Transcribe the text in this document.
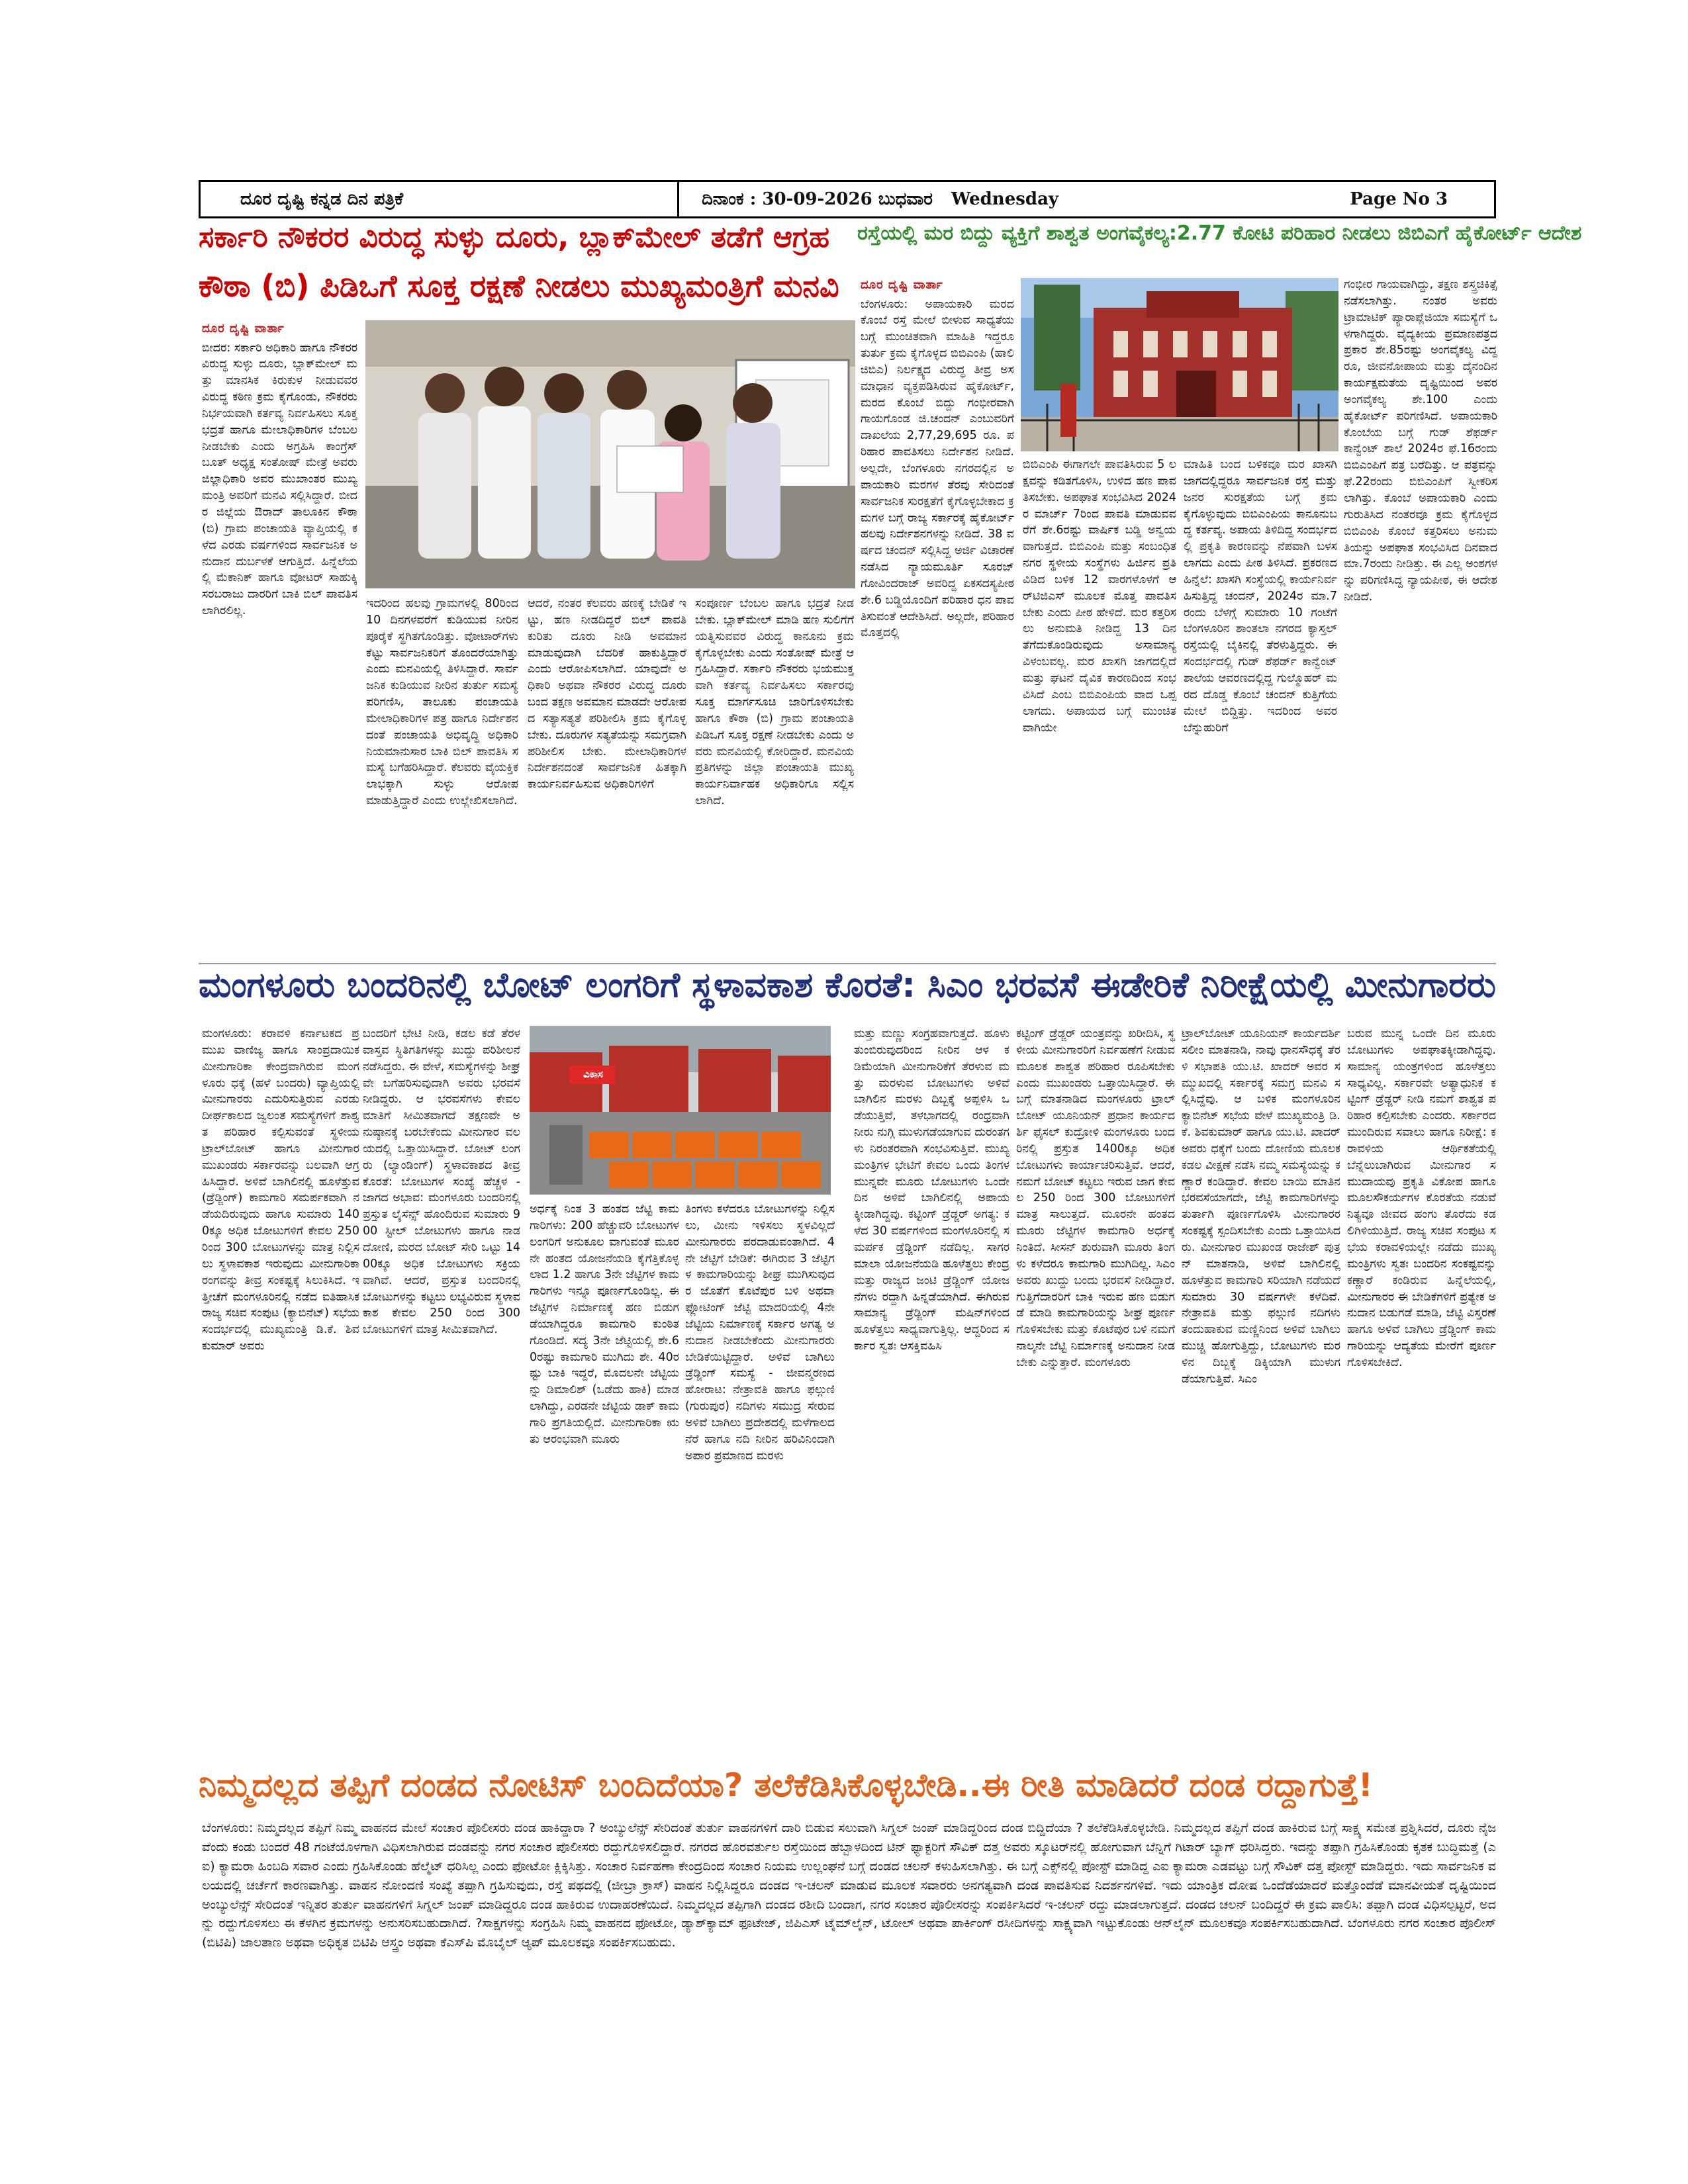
ದೂರ ದೃಷ್ಟಿ ಕನ್ನಡ ದಿನ ಪತ್ರಿಕೆ	ದಿನಾಂಕ : 30-09-2026 ಬುಧವಾರ Wednesday	Page No 3
ಸರ್ಕಾರಿ ನೌಕರರ ವಿರುದ್ಧ ಸುಳ್ಳು ದೂರು, ಬ್ಲಾಕ್‌ಮೇಲ್ ತಡೆಗೆ ಆಗ್ರಹ
ಕೌಠಾ (ಬಿ) ಪಿಡಿಒಗೆ ಸೂಕ್ತ ರಕ್ಷಣೆ ನೀಡಲು ಮುಖ್ಯಮಂತ್ರಿಗೆ ಮನವಿ
ದೂರ ದೃಷ್ಟಿ ವಾರ್ತಾ
ಬೀದರ: ಸರ್ಕಾರಿ ಅಧಿಕಾರಿ ಹಾಗೂ ನೌಕರರ ವಿರುದ್ಧ ಸುಳ್ಳು ದೂರು, ಬ್ಲಾಕ್‌ಮೇಲ್ ಮತ್ತು ಮಾನಸಿಕ ಕಿರುಕುಳ ನೀಡುವವರ ವಿರುದ್ಧ ಕಠಿಣ ಕ್ರಮ ಕೈಗೊಂಡು, ನೌಕರರು ನಿರ್ಭಯವಾಗಿ ಕರ್ತವ್ಯ ನಿರ್ವಹಿಸಲು ಸೂಕ್ತ ಭದ್ರತೆ ಹಾಗೂ ಮೇಲಾಧಿಕಾರಿಗಳ ಬೆಂಬಲ ನೀಡಬೇಕು ಎಂದು ಅಗ್ರಹಿಸಿ ಕಾಂಗ್ರೆಸ್ ಬೂತ್ ಅಧ್ಯಕ್ಷ ಸಂತೋಷ್ ಮೇತ್ರೆ ಅವರು ಜಿಲ್ಲಾಧಿಕಾರಿ ಅವರ ಮುಖಾಂತರ ಮುಖ್ಯಮಂತ್ರಿ ಅವರಿಗೆ ಮನವಿ ಸಲ್ಲಿಸಿದ್ದಾರೆ. ಬೀದರ ಜಿಲ್ಲೆಯ ಔರಾದ್ ತಾಲೂಕಿನ ಕೌಠಾ (ಬಿ) ಗ್ರಾಮ ಪಂಚಾಯತಿ ವ್ಯಾಪ್ತಿಯಲ್ಲಿ ಕಳೆದ ಎರಡು ವರ್ಷಗಳಿಂದ ಸಾರ್ವಜನಿಕ ಅನುದಾನ ದುರ್ಬಳಕೆ ಆಗುತ್ತಿದೆ. ಹಿನ್ನೆಲೆಯಲ್ಲಿ ಮೆಕಾನಿಕ್ ಹಾಗೂ ವೋಟರ್ ಸಾಹುಕ್ಕಿ ಸರಬರಾಜು ದಾರರಿಗೆ ಬಾಕಿ ಬಿಲ್ ಪಾವತಿಸಲಾಗಿರಲಿಲ್ಲ.
ಇದರಿಂದ ಹಲವು ಗ್ರಾಮಗಳಲ್ಲಿ 80ರಿಂದ 10 ದಿನಗಳವರೆಗೆ ಕುಡಿಯುವ ನೀರಿನ ಪೂರೈಕೆ ಸ್ಥಗಿತಗೊಂಡಿತ್ತು. ವೋಟಾರ್‌ಗಳು ಕೆಟ್ಟು ಸಾರ್ವಜನಿಕರಿಗೆ ತೊಂದರೆಯಾಗಿತ್ತು ಎಂದು ಮನವಿಯಲ್ಲಿ ತಿಳಿಸಿದ್ದಾರೆ. ಸಾರ್ವಜನಿಕ ಕುಡಿಯುವ ನೀರಿನ ತುರ್ತು ಸಮಸ್ಯೆ ಪರಿಗಣಿಸಿ, ತಾಲೂಕು ಪಂಚಾಯತಿ ಮೇಲಾಧಿಕಾರಿಗಳ ಪತ್ರ ಹಾಗೂ ನಿರ್ದೇಶನದಂತೆ ಪಂಚಾಯತಿ ಅಭಿವೃದ್ಧಿ ಅಧಿಕಾರಿ ನಿಯಮಾನುಸಾರ ಬಾಕಿ ಬಿಲ್ ಪಾವತಿಸಿ ಸಮಸ್ಯೆ ಬಗೆಹರಿಸಿದ್ದಾರೆ. ಕೆಲವರು ವೈಯಕ್ತಿಕ ಲಾಭಕ್ಕಾಗಿ ಸುಳ್ಳು ಆರೋಪ ಮಾಡುತ್ತಿದ್ದಾರೆ ಎಂದು ಉಲ್ಲೇಖಿಸಲಾಗಿದೆ.
ಆದರೆ, ನಂತರ ಕೆಲವರು ಹಣಕ್ಕೆ ಬೇಡಿಕೆ ಇಟ್ಟು, ಹಣ ನೀಡದಿದ್ದರೆ ಬಿಲ್ ಪಾವತಿ ಕುರಿತು ದೂರು ನೀಡಿ ಅವಮಾನ ಮಾಡುವುದಾಗಿ ಬೆದರಿಕೆ ಹಾಕುತ್ತಿದ್ದಾರೆ ಎಂದು ಆರೋಪಿಸಲಾಗಿದೆ. ಯಾವುದೇ ಅಧಿಕಾರಿ ಅಥವಾ ನೌಕರರ ವಿರುದ್ಧ ದೂರು ಬಂದ ತಕ್ಷಣ ಅವಮಾನ ಮಾಡದೇ ಆರೋಪದ ಸತ್ಯಾಸತ್ಯತೆ ಪರಿಶೀಲಿಸಿ ಕ್ರಮ ಕೈಗೊಳ್ಳಬೇಕು. ದೂರುಗಳ ಸತ್ಯತೆಯನ್ನು ಸಮಗ್ರವಾಗಿ ಪರಿಶೀಲಿಸ ಬೇಕು. ಮೇಲಾಧಿಕಾರಿಗಳ ನಿರ್ದೇಶನದಂತೆ ಸಾರ್ವಜನಿಕ ಹಿತಕ್ಕಾಗಿ ಕಾರ್ಯನಿರ್ವಹಿಸುವ ಅಧಿಕಾರಿಗಳಿಗೆ
ಸಂಪೂರ್ಣ ಬೆಂಬಲ ಹಾಗೂ ಭದ್ರತೆ ನೀಡಬೇಕು. ಬ್ಲಾಕ್‌ಮೇಲ್ ಮಾಡಿ ಹಣ ಸುಲಿಗೆಗೆ ಯತ್ನಿಸುವವರ ವಿರುದ್ಧ ಕಾನೂನು ಕ್ರಮ ಕೈಗೊಳ್ಳಬೇಕು ಎಂದು ಸಂತೋಷ್ ಮೇತ್ರೆ ಆಗ್ರಹಿಸಿದ್ದಾರೆ. ಸರ್ಕಾರಿ ನೌಕರರು ಭಯಮುಕ್ತವಾಗಿ ಕರ್ತವ್ಯ ನಿರ್ವಹಿಸಲು ಸರ್ಕಾರವು ಸೂಕ್ತ ಮಾರ್ಗಸೂಚಿ ಜಾರಿಗೊಳಿಸಬೇಕು ಹಾಗೂ ಕೌಠಾ (ಬಿ) ಗ್ರಾಮ ಪಂಚಾಯತಿ ಪಿಡಿಒಗೆ ಸೂಕ್ತ ರಕ್ಷಣೆ ನೀಡಬೇಕು ಎಂದು ಅವರು ಮನವಿಯಲ್ಲಿ ಕೋರಿದ್ದಾರೆ. ಮನವಿಯ ಪ್ರತಿಗಳನ್ನು ಜಿಲ್ಲಾ ಪಂಚಾಯತಿ ಮುಖ್ಯ ಕಾರ್ಯನಿರ್ವಾಹಕ ಅಧಿಕಾರಿಗೂ ಸಲ್ಲಿಸಲಾಗಿದೆ.
ರಸ್ತೆಯಲ್ಲಿ ಮರ ಬಿದ್ದು ವ್ಯಕ್ತಿಗೆ ಶಾಶ್ವತ ಅಂಗವೈಕಲ್ಯ:2.77 ಕೋಟಿ ಪರಿಹಾರ ನೀಡಲು ಜಿಬಿಎಗೆ ಹೈಕೋರ್ಟ್ ಆದೇಶ
ದೂರ ದೃಷ್ಟಿ ವಾರ್ತಾ
ಬೆಂಗಳೂರು: ಅಪಾಯಕಾರಿ ಮರದ ಕೊಂಬೆ ರಸ್ತೆ ಮೇಲೆ ಬೀಳುವ ಸಾಧ್ಯತೆಯ ಬಗ್ಗೆ ಮುಂಚಿತವಾಗಿ ಮಾಹಿತಿ ಇದ್ದರೂ ತುರ್ತು ಕ್ರಮ ಕೈಗೊಳ್ಳದ ಬಿಬಿಎಂಪಿ (ಹಾಲಿ ಜಿಬಿಎ) ನಿರ್ಲಕ್ಷ್ಯದ ವಿರುದ್ಧ ತೀವ್ರ ಅಸಮಾಧಾನ ವ್ಯಕ್ತಪಡಿಸಿರುವ ಹೈಕೋರ್ಟ್, ಮರದ ಕೊಂಬೆ ಬಿದ್ದು ಗಂಭೀರವಾಗಿ ಗಾಯಗೊಂಡ ಜಿ.ಚಂದನ್ ಎಂಬುವರಿಗೆ ದಾಖಲೆಯ 2,77,29,695 ರೂ. ಪರಿಹಾರ ಪಾವತಿಸಲು ನಿರ್ದೇಶನ ನೀಡಿದೆ. ಅಲ್ಲದೇ, ಬೆಂಗಳೂರು ನಗರದಲ್ಲಿನ ಅಪಾಯಕಾರಿ ಮರಗಳ ತೆರವು ಸೇರಿದಂತೆ ಸಾರ್ವಜನಿಕ ಸುರಕ್ಷತೆಗೆ ಕೈಗೊಳ್ಳಬೇಕಾದ ಕ್ರಮಗಳ ಬಗ್ಗೆ ರಾಜ್ಯ ಸರ್ಕಾರಕ್ಕೆ ಹೈಕೋರ್ಟ್ ಹಲವು ನಿರ್ದೇಶನಗಳನ್ನು ನೀಡಿದೆ. 38 ವರ್ಷದ ಚಂದನ್ ಸಲ್ಲಿಸಿದ್ದ ಅರ್ಜಿ ವಿಚಾರಣೆ ನಡೆಸಿದ ನ್ಯಾಯಮೂರ್ತಿ ಸೂರಜ್ ಗೋವಿಂದರಾಜ್ ಅವರಿದ್ದ ಏಕಸದಸ್ಯಪೀಠ ಶೇ.6 ಬಡ್ಡಿಯೊಂದಿಗೆ ಪರಿಹಾರ ಧನ ಪಾವತಿಸುವಂತೆ ಆದೇಶಿಸಿದೆ. ಅಲ್ಲದೇ, ಪರಿಹಾರ ಮೊತ್ತದಲ್ಲಿ
ಬಿಬಿಎಂಪಿ ಈಗಾಗಲೇ ಪಾವತಿಸಿರುವ 5 ಲಕ್ಷವನ್ನು ಕಡಿತಗೊಳಿಸಿ, ಉಳಿದ ಹಣ ಪಾವತಿಸಬೇಕು. ಅಪಘಾತ ಸಂಭವಿಸಿದ 2024ರ ಮಾರ್ಚ್ 7ರಿಂದ ಪಾವತಿ ಮಾಡುವವರೆಗೆ ಶೇ.6ರಷ್ಟು ವಾರ್ಷಿಕ ಬಡ್ಡಿ ಅನ್ವಯವಾಗುತ್ತದೆ. ಬಿಬಿಎಂಪಿ ಮತ್ತು ಸಂಬಂಧಿತ ನಗರ ಸ್ಥಳೀಯ ಸಂಸ್ಥೆಗಳು ಹಿರ್ಜಿನ ಪ್ರತಿ ವಿಡಿದ ಬಳಿಕ 12 ವಾರಗಳೊಳಗೆ ಆರ್‌ಟಿಜಿಎಸ್ ಮೂಲಕ ಮೊತ್ತ ಪಾವತಿಸಬೇಕು ಎಂದು ಪೀಠ ಹೇಳಿದೆ. ಮರ ಕತ್ತರಿಸಲು ಅನುಮತಿ ನೀಡಿದ್ದ 13 ದಿನ ತೆಗೆದುಕೊಂಡಿರುವುದು ಅಸಾಮಾನ್ಯ ವಿಳಂಬವಲ್ಲ. ಮರ ಖಾಸಗಿ ಜಾಗದಲ್ಲಿದೆ ಮತ್ತು ಘಟನೆ ದೈವಿಕ ಕಾರಣದಿಂದ ಸಂಭವಿಸಿದೆ ಎಂಬ ಬಿಬಿಎಂಪಿಯ ವಾದ ಒಪ್ಪಲಾಗದು. ಅಪಾಯದ ಬಗ್ಗೆ ಮುಂಚಿತವಾಗಿಯೇ
ಮಾಹಿತಿ ಬಂದ ಬಳಿಕವೂ ಮರ ಖಾಸಗಿ ಜಾಗದಲ್ಲಿದ್ದರೂ ಸಾರ್ವಜನಿಕ ರಸ್ತೆ ಮತ್ತು ಜನರ ಸುರಕ್ಷತೆಯ ಬಗ್ಗೆ ಕ್ರಮ ಕೈಗೊಳ್ಳುವುದು ಬಿಬಿಎಂಪಿಯ ಕಾನೂನುಬದ್ಧ ಕರ್ತವ್ಯ. ಅಪಾಯ ತಿಳಿದಿದ್ದ ಸಂದರ್ಭದಲ್ಲಿ ಪ್ರಕೃತಿ ಕಾರಣವನ್ನು ನೆಪವಾಗಿ ಬಳಸಲಾಗದು ಎಂದು ಪೀಠ ತಿಳಿಸಿದೆ. ಪ್ರಕರಣದ ಹಿನ್ನೆಲೆ: ಖಾಸಗಿ ಸಂಸ್ಥೆಯಲ್ಲಿ ಕಾರ್ಯನಿರ್ವಹಿಸುತ್ತಿದ್ದ ಚಂದನ್, 2024ರ ಮಾ.7ರಂದು ಬೆಳಗ್ಗೆ ಸುಮಾರು 10 ಗಂಟೆಗೆ ಬೆಂಗಳೂರಿನ ಶಾಂತಲಾ ನಗರದ ಕ್ಯಾಸ್ತಲ್ ರಸ್ತೆಯಲ್ಲಿ ಬೈಕಿನಲ್ಲಿ ತೆರಳುತ್ತಿದ್ದರು. ಈ ಸಂದರ್ಭದಲ್ಲಿ ಗುಡ್ ಶೆಫರ್ಡ್ ಕಾನ್ವೆಂಟ್ ಶಾಲೆಯ ಆವರಣದಲ್ಲಿದ್ದ ಗುಲ್ಮೊಹರ್ ಮರದ ದೊಡ್ಡ ಕೊಂಬೆ ಚಂದನ್ ಕುತ್ತಿಗೆಯ ಮೇಲೆ ಬಿದ್ದಿತ್ತು. ಇದರಿಂದ ಅವರ ಬೆನ್ನುಹುರಿಗೆ
ಗಂಭೀರ ಗಾಯವಾಗಿದ್ದು, ತಕ್ಷಣ ಶಸ್ತ್ರಚಿಕಿತ್ಸೆ ನಡೆಸಲಾಗಿತ್ತು. ನಂತರ ಅವರು ಟ್ರಾಮಾಟಿಕ್ ಪ್ಯಾರಾಪ್ಲೆಜಿಯಾ ಸಮಸ್ಯೆಗೆ ಒಳಗಾಗಿದ್ದರು. ವೈದ್ಯಕೀಯ ಪ್ರಮಾಣಪತ್ರದ ಪ್ರಕಾರ ಶೇ.85ರಷ್ಟು ಅಂಗವೈಕಲ್ಯ ವಿದ್ದರೂ, ಜೀವನೋಪಾಯ ಮತ್ತು ದೈನಂದಿನ ಕಾರ್ಯಕ್ಷಮತೆಯ ದೃಷ್ಟಿಯಿಂದ ಅವರ ಅಂಗವೈಕಲ್ಯ ಶೇ.100 ಎಂದು ಹೈಕೋರ್ಟ್ ಪರಿಗಣಿಸಿದೆ. ಅಪಾಯಕಾರಿ ಕೊಂಬೆಯ ಬಗ್ಗೆ ಗುಡ್ ಶೆಫರ್ಡ್ ಕಾನ್ವೆಂಟ್ ಶಾಲೆ 2024ರ ಫೆ.16ರಂದು ಬಿಬಿಎಂಪಿಗೆ ಪತ್ರ ಬರೆದಿತ್ತು. ಆ ಪತ್ರವನ್ನು ಫೆ.22ರಂದು ಬಿಬಿಎಂಪಿಗೆ ಸ್ವೀಕರಿಸಲಾಗಿತ್ತು. ಕೊಂಬೆ ಅಪಾಯಕಾರಿ ಎಂದು ಗುರುತಿಸಿದ ನಂತರವೂ ಕ್ರಮ ಕೈಗೊಳ್ಳದ ಬಿಬಿಎಂಪಿ ಕೊಂಬೆ ಕತ್ತರಿಸಲು ಅನುಮತಿಯನ್ನು ಅಪಘಾತ ಸಂಭವಿಸಿದ ದಿನವಾದ ಮಾ.7ರಂದು ನೀಡಿತ್ತು. ಈ ಎಲ್ಲ ಅಂಶಗಳನ್ನು ಪರಿಗಣಿಸಿದ್ದ ನ್ಯಾಯಪೀಠ, ಈ ಆದೇಶ ನೀಡಿದೆ.
ಮಂಗಳೂರು ಬಂದರಿನಲ್ಲಿ ಬೋಟ್ ಲಂಗರಿಗೆ ಸ್ಥಳಾವಕಾಶ ಕೊರತೆ: ಸಿಎಂ ಭರವಸೆ ಈಡೇರಿಕೆ ನಿರೀಕ್ಷೆಯಲ್ಲಿ ಮೀನುಗಾರರು
ಮಂಗಳೂರು: ಕರಾವಳಿ ಕರ್ನಾಟಕದ ಪ್ರಮುಖ ವಾಣಿಜ್ಯ ಹಾಗೂ ಸಾಂಪ್ರದಾಯಿಕ ಮೀನುಗಾರಿಕಾ ಕೇಂದ್ರವಾಗಿರುವ ಮಂಗಳೂರು ಧಕ್ಕೆ (ಹಳೆ ಬಂದರು) ವ್ಯಾಪ್ತಿಯಲ್ಲಿ ಮೀನುಗಾರರು ಎದುರಿಸುತ್ತಿರುವ ಎರಡು ದೀರ್ಘಕಾಲದ ಜ್ವಲಂತ ಸಮಸ್ಯೆಗಳಿಗೆ ಶಾಶ್ವತ ಪರಿಹಾರ ಕಲ್ಪಿಸುವಂತೆ ಸ್ಥಳೀಯ ಟ್ರಾಲ್‌ಬೋಟ್ ಹಾಗೂ ಮೀನುಗಾರ ಮುಖಂಡರು ಸರ್ಕಾರವನ್ನು ಬಲವಾಗಿ ಆಗ್ರಹಿಸಿದ್ದಾರೆ. ಅಳಿವೆ ಬಾಗಿಲಿನಲ್ಲಿ ಹೂಳೆತ್ತುವ (ಡ್ರೆಡ್ಜಿಂಗ್) ಕಾಮಗಾರಿ ಸಮರ್ಪಕವಾಗಿ ನಡೆಯದಿರುವುದು ಹಾಗೂ ಸುಮಾರು 1400ಕ್ಕೂ ಅಧಿಕ ಬೋಟುಗಳಿಗೆ ಕೇವಲ 250 ರಿಂದ 300 ಬೋಟುಗಳನ್ನು ಮಾತ್ರ ನಿಲ್ಲಿಸಲು ಸ್ಥಳಾವಕಾಶ ಇರುವುದು ಮೀನುಗಾರಿಕಾ ರಂಗವನ್ನು ತೀವ್ರ ಸಂಕಷ್ಟಕ್ಕೆ ಸಿಲುಕಿಸಿದೆ. ಇತ್ತೀಚೆಗೆ ಮಂಗಳೂರಿನಲ್ಲಿ ನಡೆದ ಐತಿಹಾಸಿಕ ರಾಜ್ಯ ಸಚಿವ ಸಂಪುಟ (ಕ್ಯಾಬಿನೆಟ್) ಸಭೆಯ ಸಂದರ್ಭದಲ್ಲಿ ಮುಖ್ಯಮಂತ್ರಿ ಡಿ.ಕೆ. ಶಿವಕುಮಾರ್ ಅವರು
ಬಂದರಿಗೆ ಭೇಟಿ ನೀಡಿ, ಕಡಲ ಕಡೆ ತೆರಳ ವಾಸ್ತವ ಸ್ಥಿತಿಗತಿಗಳನ್ನು ಖುದ್ದು ಪರಿಶೀಲನೆ ನಡೆಸಿದ್ದರು. ಈ ವೇಳೆ, ಸಮಸ್ಯೆಗಳನ್ನು ಶೀಘ್ರವೇ ಬಗೆಹರಿಸುವುದಾಗಿ ಅವರು ಭರವಸೆ ನೀಡಿದ್ದರು. ಆ ಭರವಸೆಗಳು ಕೇವಲ ಮಾತಿಗೆ ಸೀಮಿತವಾಗದೆ ತಕ್ಷಣವೇ ಅನುಷ್ಠಾನಕ್ಕೆ ಬರಬೇಕೆಂದು ಮೀನುಗಾರ ವಲಯದಲ್ಲಿ ಒತ್ತಾಯಿಸಿದ್ದಾರೆ. ಬೋಟ್ ಲಂಗರು (ಲ್ಯಾಂಡಿಂಗ್) ಸ್ಥಳಾವಕಾಶದ ತೀವ್ರ ಕೊರತೆ: ಬೋಟುಗಳ ಸಂಖ್ಯೆ ಹೆಚ್ಚಳ - ಜಾಗದ ಅಭಾವ: ಮಂಗಳೂರು ಬಂದರಿನಲ್ಲಿ ಪ್ರಸ್ತುತ ಲೈಸೆನ್ಸ್ ಹೊಂದಿರುವ ಸುಮಾರು 900 ಸ್ಟೀಲ್ ಬೋಟುಗಳು ಹಾಗೂ ನಾಡದೋಣಿ, ಮರದ ಬೋಟ್ ಸೇರಿ ಒಟ್ಟು 1400ಕ್ಕೂ ಅಧಿಕ ಬೋಟುಗಳು ಸಕ್ರಿಯವಾಗಿವೆ. ಆದರೆ, ಪ್ರಸ್ತುತ ಬಂದರಿನಲ್ಲಿ ಬೋಟುಗಳನ್ನು ಕಟ್ಟಲು ಲಭ್ಯವಿರುವ ಸ್ಥಳಾವಕಾಶ ಕೇವಲ 250 ರಿಂದ 300 ಬೋಟುಗಳಿಗೆ ಮಾತ್ರ ಸೀಮಿತವಾಗಿದೆ.
ವಿಕಾಸ
ಅರ್ಧಕ್ಕೆ ನಿಂತ 3 ಹಂತದ ಜೆಟ್ಟಿ ಕಾಮಗಾರಿಗಳು: 200 ಹೆಚ್ಚುವರಿ ಬೋಟುಗಳ ಲಂಗರಿಗೆ ಅನುಕೂಲ ವಾಗುವಂತೆ ಮೂರನೇ ಹಂತದ ಯೋಜನೆಯಡಿ ಕೈಗೆತ್ತಿಕೊಳ್ಳಲಾದ 1.2 ಹಾಗೂ 3ನೇ ಜೆಟ್ಟಿಗಳ ಕಾಮಗಾರಿಗಳು ಇನ್ನೂ ಪೂರ್ಣಗೊಂಡಿಲ್ಲ. ಈ ಜೆಟ್ಟಿಗಳ ನಿರ್ಮಾಣಕ್ಕೆ ಹಣ ಬಿಡುಗಡೆಯಾಗಿದ್ದರೂ ಕಾಮಗಾರಿ ಕುಂಠಿತಗೊಂಡಿದೆ. ಸದ್ಯ 3ನೇ ಜೆಟ್ಟಿಯಲ್ಲಿ ಶೇ.60ರಷ್ಟು ಕಾಮಗಾರಿ ಮುಗಿದು ಶೇ. 40ರಷ್ಟು ಬಾಕಿ ಇದ್ದರೆ, ಮೊದಲನೇ ಜೆಟ್ಟಿಯನ್ನು ಡಿಮಾಲಿಶ್ (ಒಡೆದು ಹಾಕಿ) ಮಾಡಲಾಗಿದ್ದು, ಎರಡನೇ ಜೆಟ್ಟಿಯ ಡಾಕ್ ಕಾಮಗಾರಿ ಪ್ರಗತಿಯಲ್ಲಿದೆ. ಮೀನುಗಾರಿಕಾ ಋತು ಆರಂಭವಾಗಿ ಮೂರು
ತಿಂಗಳು ಕಳೆದರೂ ಬೋಟುಗಳನ್ನು ನಿಲ್ಲಿಸಲು, ಮೀನು ಇಳಿಸಲು ಸ್ಥಳವಿಲ್ಲದೆ ಮೀನುಗಾರರು ಪರದಾಡುವಂತಾಗಿದೆ. 4ನೇ ಜೆಟ್ಟಿಗೆ ಬೇಡಿಕೆ: ಈಗಿರುವ 3 ಜೆಟ್ಟಿಗಳ ಕಾಮಗಾರಿಯನ್ನು ಶೀಘ್ರ ಮುಗಿಸುವುದರ ಜೊತೆಗೆ ಕೊಟೆಪುರ ಬಳಿ ಅಥವಾ ಫ್ಲೋಟಿಂಗ್ ಜೆಟ್ಟಿ ಮಾದರಿಯಲ್ಲಿ 4ನೇ ಜೆಟ್ಟಿಯ ನಿರ್ಮಾಣಕ್ಕೆ ಸರ್ಕಾರ ಅಗತ್ಯ ಅನುದಾನ ನೀಡಬೇಕೆಂದು ಮೀನುಗಾರರು ಬೇಡಿಕೆಯಿಟ್ಟಿದ್ದಾರೆ. ಅಳಿವೆ ಬಾಗಿಲು ಡ್ರೆಡ್ಜಿಂಗ್ ಸಮಸ್ಯೆ - ಜೀವನ್ಮರಣದ ಹೋರಾಟ: ನೇತ್ರಾವತಿ ಹಾಗೂ ಫಲ್ಗುಣಿ (ಗುರುಪುರ) ನದಿಗಳು ಸಮುದ್ರ ಸೇರುವ ಅಳಿವೆ ಬಾಗಿಲು ಪ್ರದೇಶದಲ್ಲಿ ಮಳೆಗಾಲದ ನೆರೆ ಹಾಗೂ ನದಿ ನೀರಿನ ಹರಿವಿನಿಂದಾಗಿ ಅಪಾರ ಪ್ರಮಾಣದ ಮರಳು
ಮತ್ತು ಮಣ್ಣು ಸಂಗ್ರಹವಾಗುತ್ತದೆ. ಹೂಳು ತುಂಬಿರುವುದರಿಂದ ನೀರಿನ ಆಳ ಕಡಿಮೆಯಾಗಿ ಮೀನುಗಾರಿಕೆಗೆ ತೆರಳುವ ಮತ್ತು ಮರಳುವ ಬೋಟುಗಳು ಅಳಿವೆ ಬಾಗಿಲಿನ ಮರಳು ದಿಬ್ಬಕ್ಕೆ ಅಪ್ಪಳಿಸಿ ಒಡೆಯುತ್ತಿವೆ, ತಳಭಾಗದಲ್ಲಿ ರಂಧ್ರವಾಗಿ ನೀರು ನುಗ್ಗಿ ಮುಳುಗಡೆಯಾಗುವ ದುರಂತಗಳು ನಿರಂತರವಾಗಿ ಸಂಭವಿಸುತ್ತಿವೆ. ಮುಖ್ಯಮಂತ್ರಿಗಳ ಭೇಟಿಗೆ ಕೇವಲ ಒಂದು ತಿಂಗಳ ಮುನ್ನವೇ ಮೂರು ಬೋಟುಗಳು ಒಂದೇ ದಿನ ಅಳಿವೆ ಬಾಗಿಲಿನಲ್ಲಿ ಅಪಾಯ ಕ್ಕೀಡಾಗಿದ್ದವು. ಕಟ್ಟಿಂಗ್ ಡ್ರೆಡ್ಜರ್ ಅಗತ್ಯ: ಕಳೆದ 30 ವರ್ಷಗಳಿಂದ ಮಂಗಳೂರಿನಲ್ಲಿ ಸಮರ್ಪಕ ಡ್ರೆಡ್ಜಿಂಗ್ ನಡೆದಿಲ್ಲ. ಸಾಗರಮಾಲಾ ಯೋಜನೆಯಡಿ ಹೂಳೆತ್ತಲು ಕೇಂದ್ರ ಮತ್ತು ರಾಜ್ಯದ ಜಂಟಿ ಡ್ರೆಡ್ಜಿಂಗ್ ಯೋಜನೆಗಳು ರದ್ದಾಗಿ ಹಿನ್ನಡೆಯಾಗಿದೆ. ಈಗಿರುವ ಸಾಮಾನ್ಯ ಡ್ರೆಡ್ಜಿಂಗ್ ಮಷಿನ್‌ಗಳಿಂದ ಹೂಳೆತ್ತಲು ಸಾಧ್ಯವಾಗುತ್ತಿಲ್ಲ. ಆದ್ದರಿಂದ ಸರ್ಕಾರ ಸ್ವತಃ ಆಸಕ್ತಿವಹಿಸಿ
ಕಟ್ಟಿಂಗ್ ಡ್ರೆಡ್ಜರ್ ಯಂತ್ರವನ್ನು ಖರೀದಿಸಿ, ಸ್ಥಳೀಯ ಮೀನುಗಾರರಿಗೆ ನಿರ್ವಹಣೆಗೆ ನೀಡುವ ಮೂಲಕ ಶಾಶ್ವತ ಪರಿಹಾರ ರೂಪಿಸಬೇಕು ಎಂದು ಮುಖಂಡರು ಒತ್ತಾಯಿಸಿದ್ದಾರೆ. ಈ ಬಗ್ಗೆ ಮಾತನಾಡಿದ ಮಂಗಳೂರು ಟ್ರಾಲ್ ಬೋಟ್ ಯೂನಿಯನ್ ಪ್ರಧಾನ ಕಾರ್ಯದರ್ಶಿ ಫೈಸಲ್ ಕುದ್ರೋಳಿ ಮಂಗಳೂರು ಬಂದರಿನಲ್ಲಿ ಪ್ರಸ್ತುತ 1400ಕ್ಕೂ ಅಧಿಕ ಬೋಟುಗಳು ಕಾರ್ಯಾಚರಿಸುತ್ತಿವೆ. ಆದರೆ, ನಮಗೆ ಬೋಟ್ ಕಟ್ಟಲು ಇರುವ ಜಾಗ ಕೇವಲ 250 ರಿಂದ 300 ಬೋಟುಗಳಿಗೆ ಮಾತ್ರ ಸಾಲುತ್ತದೆ. ಮೂರನೇ ಹಂತದ ಮೂರು ಜೆಟ್ಟಿಗಳ ಕಾಮಗಾರಿ ಅರ್ಧಕ್ಕೆ ನಿಂತಿದೆ. ಸೀಸನ್ ಶುರುವಾಗಿ ಮೂರು ತಿಂಗಳು ಕಳೆದರೂ ಕಾಮಗಾರಿ ಮುಗಿದಿಲ್ಲ. ಸಿಎಂ ಅವರು ಖುದ್ದು ಬಂದು ಭರವಸೆ ನೀಡಿದ್ದಾರೆ. ಗುತ್ತಿಗೆದಾರರಿಗೆ ಬಾಕಿ ಇರುವ ಹಣ ಬಿಡುಗಡೆ ಮಾಡಿ ಕಾಮಗಾರಿಯನ್ನು ಶೀಘ್ರ ಪೂರ್ಣಗೊಳಿಸಬೇಕು ಮತ್ತು ಕೊಟೆಪುರ ಬಳಿ ನಮಗೆ ನಾಲ್ಕನೇ ಜೆಟ್ಟಿ ನಿರ್ಮಾಣಕ್ಕೆ ಅನುದಾನ ನೀಡಬೇಕು ಎನ್ನುತ್ತಾರೆ. ಮಂಗಳೂರು
ಟ್ರಾಲ್‌ಬೋಟ್ ಯೂನಿಯನ್ ಕಾರ್ಯದರ್ಶಿ ಸಲೀಂ ಮಾತನಾಡಿ, ನಾವು ಧಾನಸೌಧಕ್ಕೆ ತೆರಳಿ ಸಭಾಪತಿ ಯು.ಟಿ. ಖಾದರ್ ಅವರ ಸಮ್ಮುಖದಲ್ಲಿ ಸರ್ಕಾರಕ್ಕೆ ಸಮಗ್ರ ಮನವಿ ಸಲ್ಲಿಸಿದ್ದೆವು. ಆ ಬಳಿಕ ಮಂಗಳೂರಿನ ಕ್ಯಾಬಿನೆಟ್ ಸಭೆಯ ವೇಳೆ ಮುಖ್ಯಮಂತ್ರಿ ಡಿ.ಕೆ. ಶಿವಕುಮಾರ್ ಹಾಗೂ ಯು.ಟಿ. ಖಾದರ್ ಅವರು ಧಕ್ಕೆಗೆ ಬಂದು ದೋಣಿಯ ಮೂಲಕ ಕಡಲ ವೀಕ್ಷಣೆ ನಡೆಸಿ ನಮ್ಮ ಸಮಸ್ಯೆಯನ್ನು ಕಣ್ಣಾರೆ ಕಂಡಿದ್ದಾರೆ. ಕೇವಲ ಬಾಯಿ ಮಾತಿನ ಭರವಸೆಯಾಗದೇ, ಜೆಟ್ಟಿ ಕಾಮಗಾರಿಗಳನ್ನು ತುರ್ತಾಗಿ ಪೂರ್ಣಗೊಳಿಸಿ ಮೀನುಗಾರರ ಸಂಕಷ್ಟಕ್ಕೆ ಸ್ಪಂದಿಸಬೇಕು ಎಂದು ಒತ್ತಾಯಿಸಿದರು. ಮೀನುಗಾರ ಮುಖಂಡ ರಾಜೇಶ್ ಪುತ್ರನ್ ಮಾತನಾಡಿ, ಅಳಿವೆ ಬಾಗಿಲಿನಲ್ಲಿ ಹೂಳೆತ್ತುವ ಕಾಮಗಾರಿ ಸರಿಯಾಗಿ ನಡೆಯದೆ ಸುಮಾರು 30 ವರ್ಷಗಳೇ ಕಳೆದಿವೆ. ನೇತ್ರಾವತಿ ಮತ್ತು ಫಲ್ಗುಣಿ ನದಿಗಳು ತಂದುಹಾಕುವ ಮಣ್ಣಿನಿಂದ ಅಳಿವೆ ಬಾಗಿಲು ಮುಚ್ಚಿ ಹೋಗುತ್ತಿದ್ದು, ಬೋಟುಗಳು ಮರಳಿನ ದಿಬ್ಬಕ್ಕೆ ಡಿಕ್ಕಿಯಾಗಿ ಮುಳುಗಡೆಯಾಗುತ್ತಿವೆ. ಸಿಎಂ
ಬರುವ ಮುನ್ನ ಒಂದೇ ದಿನ ಮೂರು ಬೋಟುಗಳು ಅಪಘಾತಕ್ಕೀಡಾಗಿದ್ದವು. ಸಾಮಾನ್ಯ ಯಂತ್ರಗಳಿಂದ ಹೂಳೆತ್ತಲು ಸಾಧ್ಯವಿಲ್ಲ. ಸರ್ಕಾರವೇ ಅತ್ಯಾಧುನಿಕ ಕಟ್ಟಿಂಗ್ ಡ್ರೆಡ್ಜರ್ ನೀಡಿ ನಮಗೆ ಶಾಶ್ವತ ಪರಿಹಾರ ಕಲ್ಪಿಸಬೇಕು ಎಂದರು. ಸರ್ಕಾರದ ಮುಂದಿರುವ ಸವಾಲು ಹಾಗೂ ನಿರೀಕ್ಷೆ: ಕರಾವಳಿಯ ಆರ್ಥಿಕತೆಯಲ್ಲಿ ಬೆನ್ನೆಲುಬಾಗಿರುವ ಮೀನುಗಾರ ಸಮುದಾಯವು ಪ್ರಕೃತಿ ವಿಕೋಪ ಹಾಗೂ ಮೂಲಸೌಕರ್ಯಗಳ ಕೊರತೆಯ ನಡುವೆ ನಿತ್ಯವೂ ಜೀವದ ಹಂಗು ತೊರೆದು ಕಡಲಿಗಿಳಿಯುತ್ತಿದೆ. ರಾಜ್ಯ ಸಚಿವ ಸಂಪುಟ ಸಭೆಯ ಕರಾವಳಿಯಲ್ಲೇ ನಡೆದು ಮುಖ್ಯಮಂತ್ರಿಗಳು ಸ್ವತಃ ಬಂದರಿನ ಸಂಕಷ್ಟವನ್ನು ಕಣ್ಣಾರೆ ಕಂಡಿರುವ ಹಿನ್ನೆಲೆಯಲ್ಲಿ, ಮೀನುಗಾರರ ಈ ಬೇಡಿಕೆಗಳಿಗೆ ಪ್ರತ್ಯೇಕ ಅನುದಾನ ಬಿಡುಗಡೆ ಮಾಡಿ, ಜೆಟ್ಟಿ ವಿಸ್ತರಣೆ ಹಾಗೂ ಅಳಿವೆ ಬಾಗಿಲು ಡ್ರೆಡ್ಜಿಂಗ್ ಕಾಮಗಾರಿಯನ್ನು ಆದ್ಯತೆಯ ಮೇರೆಗೆ ಪೂರ್ಣಗೊಳಿಸಬೇಕಿದೆ.
ನಿಮ್ಮದಲ್ಲದ ತಪ್ಪಿಗೆ ದಂಡದ ನೋಟಿಸ್ ಬಂದಿದೆಯಾ? ತಲೆಕೆಡಿಸಿಕೊಳ್ಳಬೇಡಿ..ಈ ರೀತಿ ಮಾಡಿದರೆ ದಂಡ ರದ್ದಾಗುತ್ತೆ!
ಬೆಂಗಳೂರು: ನಿಮ್ಮದಲ್ಲದ ತಪ್ಪಿಗೆ ನಿಮ್ಮ ವಾಹನದ ಮೇಲೆ ಸಂಚಾರ ಪೊಲೀಸರು ದಂಡ ಹಾಕಿದ್ದಾರಾ ? ಅಂಬ್ಯುಲೆನ್ಸ್ ಸೇರಿದಂತೆ ತುರ್ತು ವಾಹನಗಳಿಗೆ ದಾರಿ ಬಿಡುವ ಸಲುವಾಗಿ ಸಿಗ್ನಲ್ ಜಂಪ್ ಮಾಡಿದ್ದರಿಂದ ದಂಡ ಬಿದ್ದಿದೆಯಾ ? ತಲೆಕೆಡಿಸಿಕೊಳ್ಳಬೇಡಿ. ನಿಮ್ಮದಲ್ಲದ ತಪ್ಪಿಗೆ ದಂಡ ಹಾಕಿರುವ ಬಗ್ಗೆ ಸಾಕ್ಷ್ಯ ಸಮೇತ ಪ್ರಶ್ನಿಸಿದರೆ, ದೂರು ನೈಜವೆಂದು ಕಂಡು ಬಂದರೆ 48 ಗಂಟೆಯೊಳಗಾಗಿ ವಿಧಿಸಲಾಗಿರುವ ದಂಡವನ್ನು ನಗರ ಸಂಚಾರ ಪೊಲೀಸರು ರದ್ದುಗೊಳಿಸಲಿದ್ದಾರೆ. ನಗರದ ಹೊರವರ್ತುಲ ರಸ್ತೆಯಿಂದ ಹೆಬ್ಬಾಳದಿಂದ ಟಿನ್ ಫ್ಯಾಕ್ಟರಿಗೆ ಸೌವಿಕ್ ದತ್ತ ಅವರು ಸ್ಕೂಟರ್‌ನಲ್ಲಿ ಹೋಗುವಾಗ ಬೆನ್ನಿಗೆ ಗಿಟಾರ್ ಬ್ಯಾಗ್ ಧರಿಸಿದ್ದರು. ಇದನ್ನು ತಪ್ಪಾಗಿ ಗ್ರಹಿಸಿಕೊಂಡು ಕೃತಕ ಬುದ್ಧಿಮತ್ತೆ (ಎಐ) ಕ್ಯಾಮರಾ ಹಿಂಬದಿ ಸವಾರ ಎಂದು ಗ್ರಹಿಸಿಕೊಂಡು ಹೆಲ್ಮೆಟ್ ಧರಿಸಿಲ್ಲ ಎಂದು ಫೋಟೋ ಕ್ಲಿಕ್ಕಿಸಿತ್ತು. ಸಂಚಾರ ನಿರ್ವಹಣಾ ಕೇಂದ್ರದಿಂದ ಸಂಚಾರ ನಿಯಮ ಉಲ್ಲಂಘನೆ ಬಗ್ಗೆ ದಂಡದ ಚಲನ್ ಕಳುಹಿಸಲಾಗಿತ್ತು. ಈ ಬಗ್ಗೆ ಎಕ್ಸ್‌ನಲ್ಲಿ ಪೋಸ್ಟ್ ಮಾಡಿದ್ದ ಎಐ ಕ್ಯಾಮರಾ ಎಡವಟ್ಟು ಬಗ್ಗೆ ಸೌವಿಕ್ ದತ್ತ ಪೋಸ್ಟ್ ಮಾಡಿದ್ದರು. ಇದು ಸಾರ್ವಜನಿಕ ವಲಯದಲ್ಲಿ ಚರ್ಚೆಗೆ ಕಾರಣವಾಗಿತ್ತು. ವಾಹನ ನೋಂದಣಿ ಸಂಖ್ಯೆ ತಪ್ಪಾಗಿ ಗ್ರಹಿಸುವುದು, ರಸ್ತೆ ಪಥದಲ್ಲಿ (ಜೀಬ್ರಾ ಕ್ರಾಸ್) ವಾಹನ ನಿಲ್ಲಿಸಿದ್ದರೂ ದಂಡದ ಇ-ಚಲನ್ ಮಾಡುವ ಮೂಲಕ ಸವಾರರು ಅನಗತ್ಯವಾಗಿ ದಂಡ ಪಾವತಿಸುವ ನಿದರ್ಶನಗಳಿವೆ. ಇದು ಯಾಂತ್ರಿಕ ದೋಷ ಒಂದೆಡೆಯಾದರೆ ಮತ್ತೊಂದೆಡೆ ಮಾನವೀಯತೆ ದೃಷ್ಟಿಯಿಂದ ಅಂಬ್ಯುಲೆನ್ಸ್ ಸೇರಿದಂತೆ ಇನ್ನಿತರ ತುರ್ತು ವಾಹನಗಳಿಗೆ ಸಿಗ್ನಲ್ ಜಂಪ್ ಮಾಡಿದ್ದರೂ ದಂಡ ಹಾಕಿರುವ ಉದಾಹರಣೆಯಿದೆ. ನಿಮ್ಮದಲ್ಲದ ತಪ್ಪಿಗಾಗಿ ದಂಡದ ರಶೀದಿ ಬಂದಾಗ, ನಗರ ಸಂಚಾರ ಪೊಲೀಸರನ್ನು ಸಂಪರ್ಕಿಸಿದರೆ ಇ-ಚಲನ್ ರದ್ದು ಮಾಡಲಾಗುತ್ತದೆ. ದಂಡದ ಚಲನ್ ಬಂದಿದ್ದರೆ ಈ ಕ್ರಮ ಪಾಲಿಸಿ: ತಪ್ಪಾಗಿ ದಂಡ ವಿಧಿಸಲ್ಪಟ್ಟರೆ, ಅದನ್ನು ರದ್ದುಗೊಳಿಸಲು ಈ ಕೆಳಗಿನ ಕ್ರಮಗಳನ್ನು ಅನುಸರಿಸಬಹುದಾಗಿದೆ. ?ಸಾಕ್ಷಗಳನ್ನು ಸಂಗ್ರಹಿಸಿ ನಿಮ್ಮ ವಾಹನದ ಫೋಟೋ, ಡ್ಯಾಶ್‌ಕ್ಯಾಮ್ ಫೂಟೇಜ್, ಜಿಪಿಎಸ್ ಟೈಮ್‌ಲೈನ್, ಟೋಲ್ ಅಥವಾ ಪಾರ್ಕಿಂಗ್ ರಸೀದಿಗಳನ್ನು ಸಾಕ್ಷ್ಯವಾಗಿ ಇಟ್ಟುಕೊಂಡು ಆನ್‌ಲೈನ್ ಮೂಲಕವೂ ಸಂಪರ್ಕಿಸಬಹುದಾಗಿದೆ. ಬೆಂಗಳೂರು ನಗರ ಸಂಚಾರ ಪೊಲೀಸ್ (ಬಿಟಿಪಿ) ಜಾಲತಾಣ ಅಥವಾ ಅಧಿಕೃತ ಬಿಟಿಪಿ ಆಸ್ತ್ರಂ ಅಥವಾ ಕೆಎಸ್‌ಪಿ ಮೊಬೈಲ್ ಆ್ಯಪ್ ಮೂಲಕವೂ ಸಂಪರ್ಕಿಸಬಹುದು.
